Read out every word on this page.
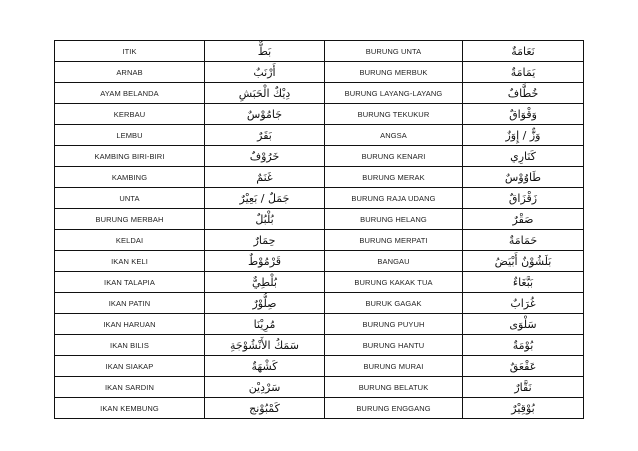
ITIK	بَطٌّ	BURUNG UNTA	نَعَامَةٌ
ARNAB	أَرْنَبٌ	BURUNG MERBUK	يَمَامَةٌ
AYAM BELANDA	دِيْكٌ الْحَبَشِ	BURUNG LAYANG-LAYANG	خُطَّافٌ
KERBAU	جَامُوْسٌ	BURUNG TEKUKUR	وَقْوَاقٌ
LEMBU	بَقَرٌ	ANGSA	وَزٌّ / إِوَزٌ
KAMBING BIRI-BIRI	خَرُوْفٌ	BURUNG KENARI	كَنَارِي
KAMBING	غَنَمٌ	BURUNG MERAK	طَاوُوْسٌ
UNTA	جَمَلٌ / بَعِيْرٌ	BURUNG RAJA UDANG	زَقْزَاقٌ
BURUNG MERBAH	بُلْبُلٌ	BURUNG HELANG	صَقْرٌ
KELDAI	حِمَارٌ	BURUNG MERPATI	حَمَامَةٌ
IKAN KELI	قَرْمُوْطٌ	BANGAU	بَلَشُوْنٌ أَبْيَضُ
IKAN TALAPIA	بُلْطِيٌّ	BURUNG KAKAK TUA	بَبَّغَاءٌ
IKAN PATIN	صِلُّوْرٌ	BURUK GAGAK	غُرَابٌ
IKAN HARUAN	مُرِيْنَا	BURUNG PUYUH	سَلْوَى
IKAN BILIS	سَمَكُ الأَنْشُوْجَةِ	BURUNG HANTU	بُوْمَةٌ
IKAN SIAKAP	كَشْهَةٌ	BURUNG MURAI	عَقْعَقٌ
IKAN SARDIN	سَرْدِيْن	BURUNG BELATUK	نَقَّارٌ
IKAN KEMBUNG	كَمْبُوْنج	BURUNG ENGGANG	بُوْقِيْرٌ
